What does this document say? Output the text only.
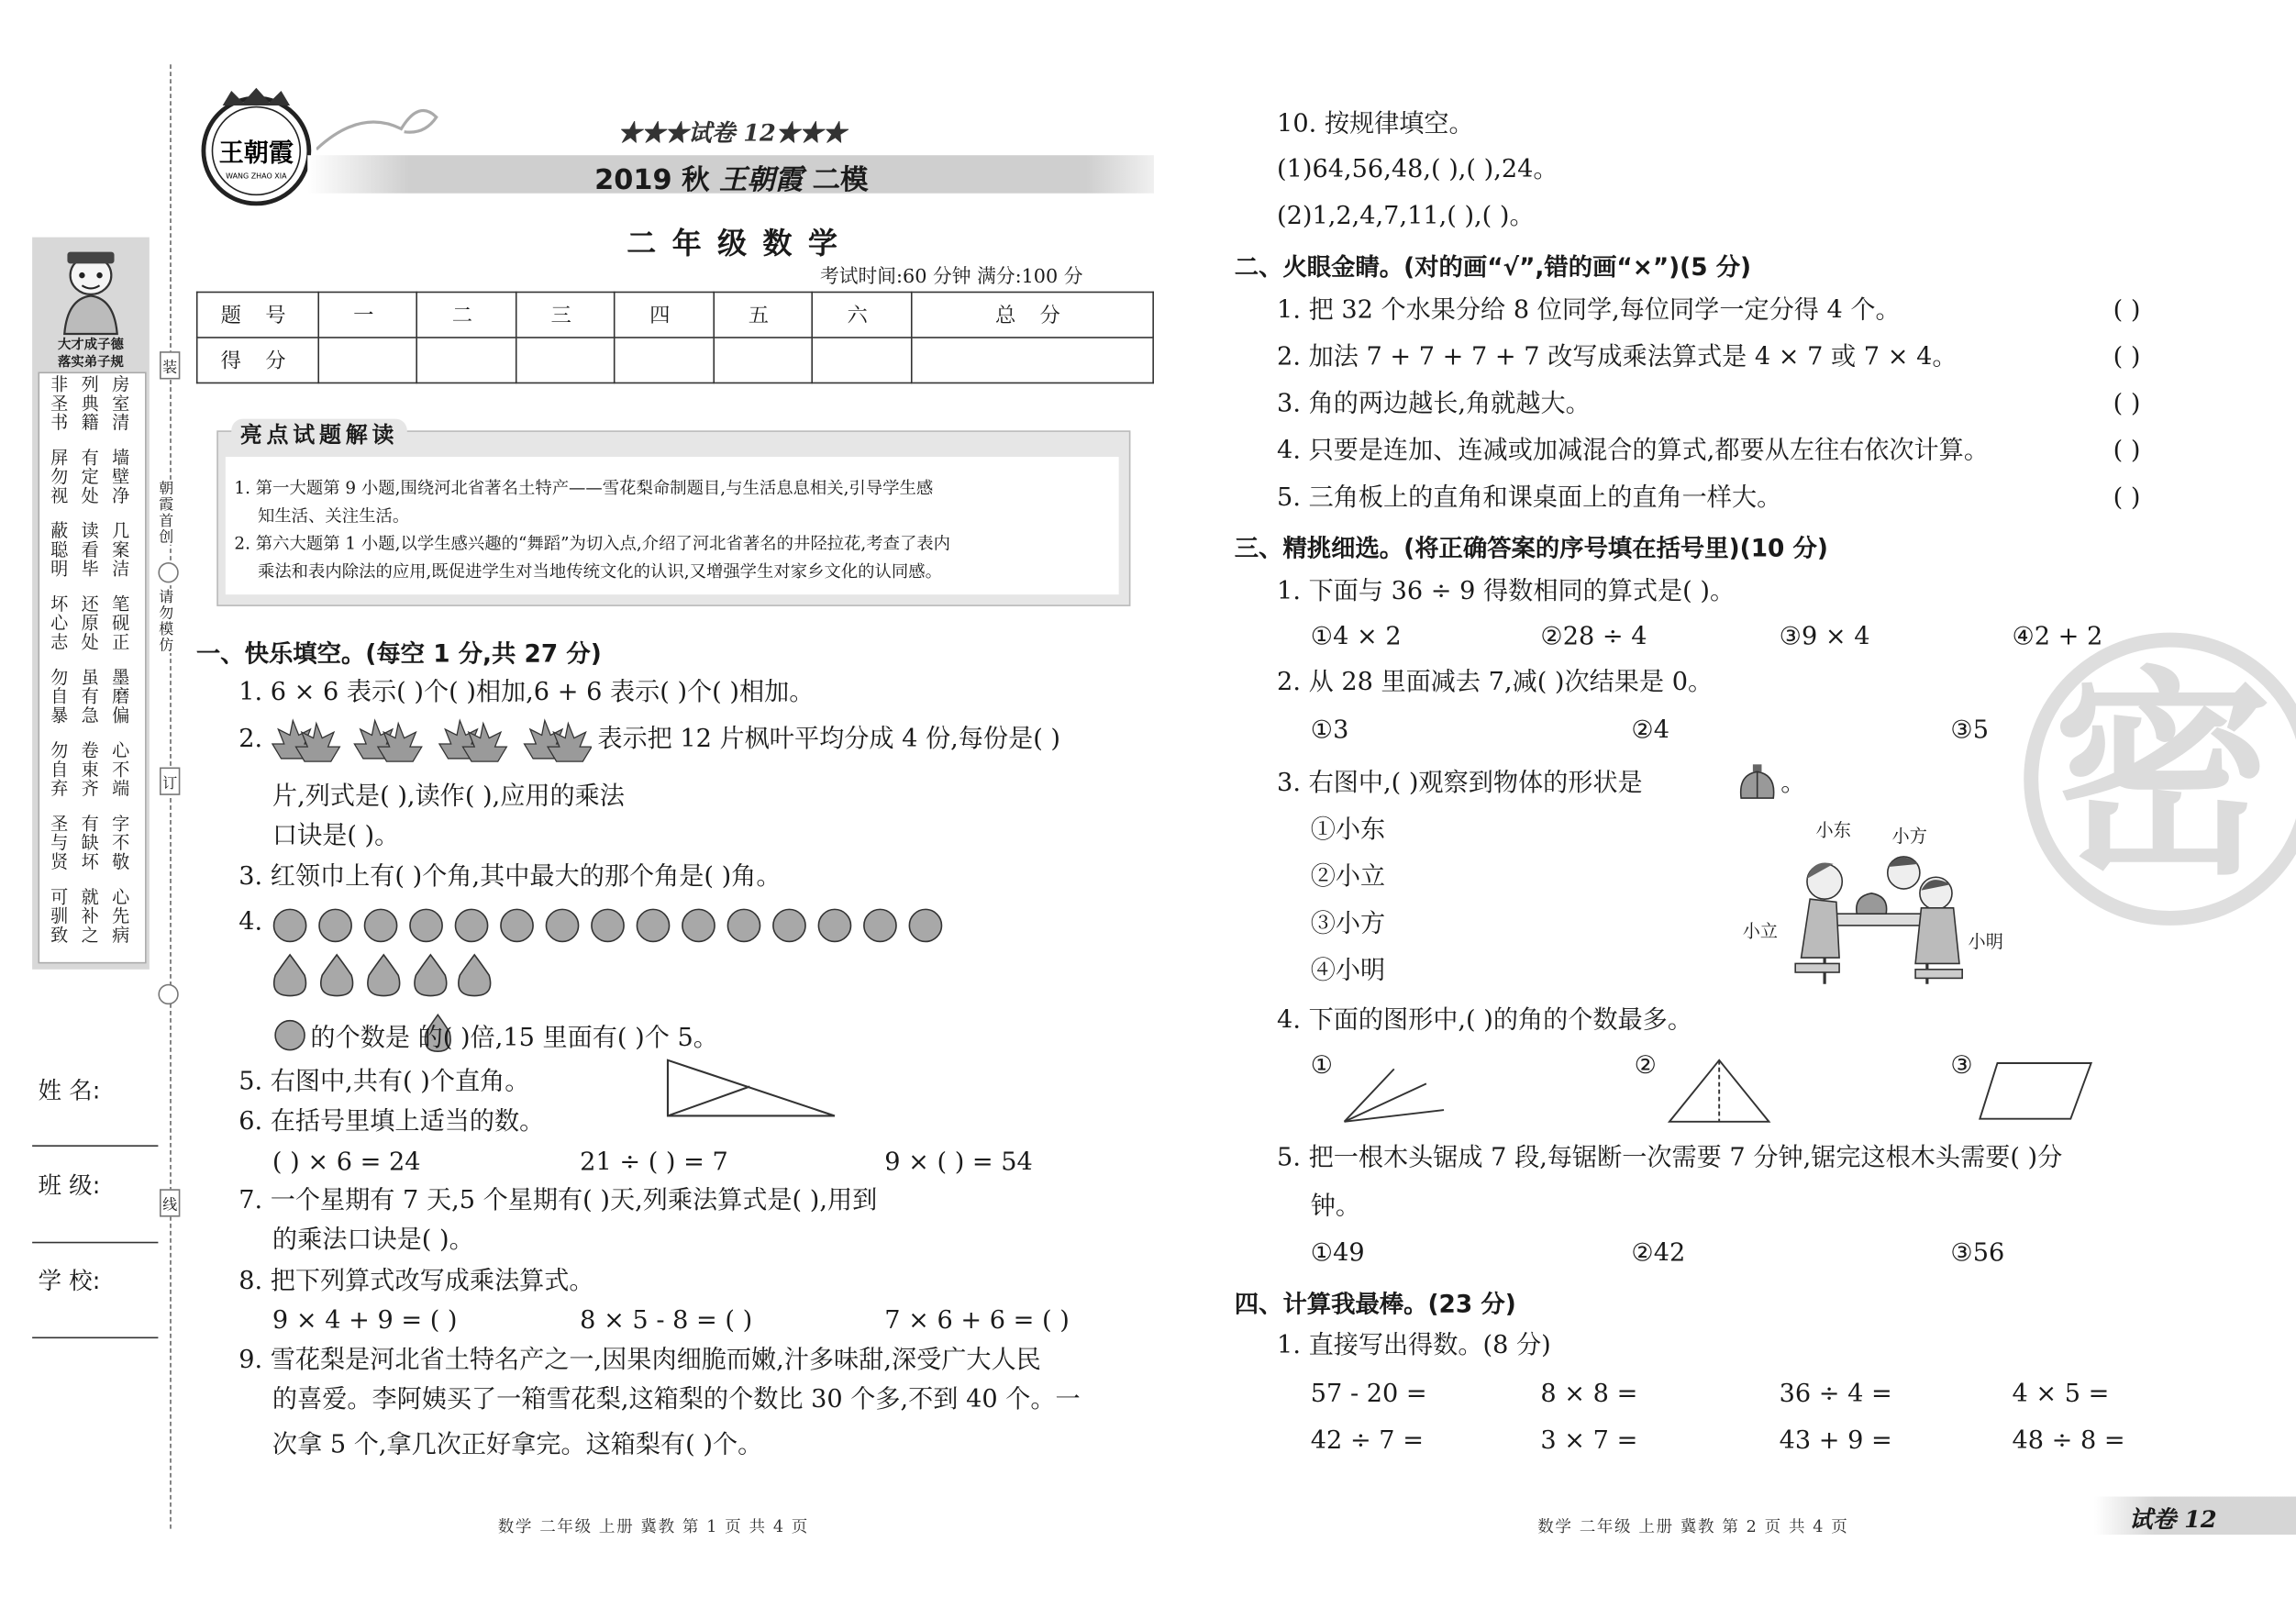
大才成子德
落实弟子规
非圣书 列典籍 房室清
屏勿视 有定处 墙壁净
蔽聪明 读看毕 几案洁
坏心志 还原处 笔砚正
勿自暴 虽有急 墨磨偏
勿自弃 卷束齐 心不端
圣与贤 有缺坏 字不敬
可驯致 就补之 心先病
姓 名:
班 级:
学 校:
装
朝霞首创
请勿模仿
订
线
王朝霞
WANG ZHAO XIA
★★★试卷 12★★★
2019 秋 王朝霞 二模
二 年 级 数 学
考试时间:60 分钟 满分:100 分
题 号	一	二	三	四	五	六	总 分
得 分							
亮点试题解读
1. 第一大题第 9 小题,围绕河北省著名土特产——雪花梨命制题目,与生活息息相关,引导学生感
知生活、关注生活。
2. 第六大题第 1 小题,以学生感兴趣的“舞蹈”为切入点,介绍了河北省著名的井陉拉花,考查了表内
乘法和表内除法的应用,既促进学生对当地传统文化的认识,又增强学生对家乡文化的认同感。
一、快乐填空。(每空 1 分,共 27 分)
1. 6 × 6 表示( )个( )相加,6 + 6 表示( )个( )相加。
2.	表示把 12 片枫叶平均分成 4 份,每份是( )
片,列式是( ),读作( ),应用的乘法
口诀是( )。
3. 红领巾上有( )个角,其中最大的那个角是( )角。
4.
的个数是 的( )倍,15 里面有( )个 5。
5. 右图中,共有( )个直角。
6. 在括号里填上适当的数。
( ) × 6 = 24	21 ÷ ( ) = 7	9 × ( ) = 54
7. 一个星期有 7 天,5 个星期有( )天,列乘法算式是( ),用到
的乘法口诀是( )。
8. 把下列算式改写成乘法算式。
9 × 4 + 9 = ( )	8 × 5 - 8 = ( )	7 × 6 + 6 = ( )
9. 雪花梨是河北省土特名产之一,因果肉细脆而嫩,汁多味甜,深受广大人民
的喜爱。李阿姨买了一箱雪花梨,这箱梨的个数比 30 个多,不到 40 个。一
次拿 5 个,拿几次正好拿完。这箱梨有( )个。
数学 二年级 上册 冀教 第 1 页 共 4 页
密
10. 按规律填空。
(1)64,56,48,( ),( ),24。
(2)1,2,4,7,11,( ),( )。
二、火眼金睛。(对的画“√”,错的画“×”)(5 分)
1. 把 32 个水果分给 8 位同学,每位同学一定分得 4 个。	( )
2. 加法 7 + 7 + 7 + 7 改写成乘法算式是 4 × 7 或 7 × 4。	( )
3. 角的两边越长,角就越大。	( )
4. 只要是连加、连减或加减混合的算式,都要从左往右依次计算。	( )
5. 三角板上的直角和课桌面上的直角一样大。	( )
三、精挑细选。(将正确答案的序号填在括号里)(10 分)
1. 下面与 36 ÷ 9 得数相同的算式是( )。
①4 × 2	②28 ÷ 4	③9 × 4	④2 + 2
2. 从 28 里面减去 7,减( )次结果是 0。
①3	②4	③5
3. 右图中,( )观察到物体的形状是	。
①小东
②小立
③小方
④小明
小东	小方
小立	小明
4. 下面的图形中,( )的角的个数最多。
①	②	③
5. 把一根木头锯成 7 段,每锯断一次需要 7 分钟,锯完这根木头需要( )分
钟。
①49	②42	③56
四、计算我最棒。(23 分)
1. 直接写出得数。(8 分)
57 - 20 =	8 × 8 =	36 ÷ 4 =	4 × 5 =
42 ÷ 7 =	3 × 7 =	43 + 9 =	48 ÷ 8 =
数学 二年级 上册 冀教 第 2 页 共 4 页	试卷 12
